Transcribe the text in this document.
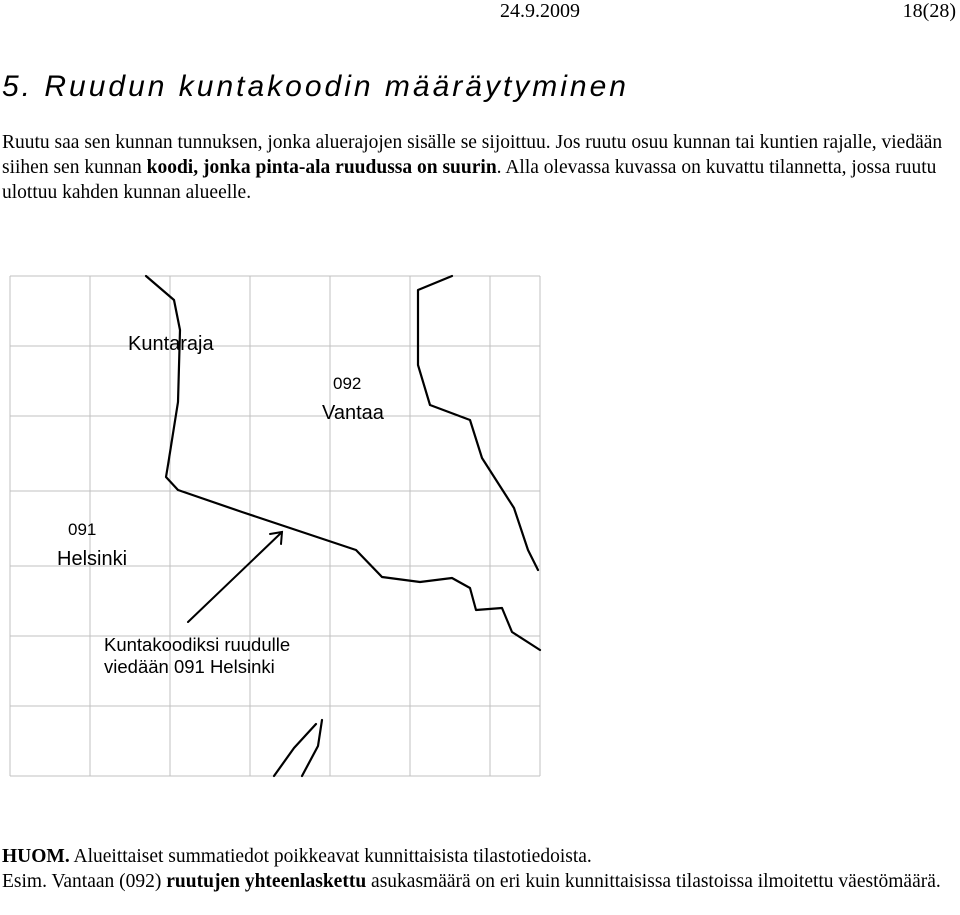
24.9.2009	18(28)
5. Ruudun kuntakoodin määräytyminen
Ruutu saa sen kunnan tunnuksen, jonka aluerajojen sisälle se sijoittuu. Jos ruutu osuu kunnan tai kuntien rajalle, viedään siihen sen kunnan koodi, jonka pinta-ala ruudussa on suurin. Alla olevassa kuvassa on kuvattu tilannetta, jossa ruutu ulottuu kahden kunnan alueelle.
Kuntaraja
092
Vantaa
091
Helsinki
Kuntakoodiksi ruudulle
viedään 091 Helsinki
HUOM. Alueittaiset summatiedot poikkeavat kunnittaisista tilastotiedoista.
Esim. Vantaan (092) ruutujen yhteenlaskettu asukasmäärä on eri kuin kunnittaisissa tilastoissa ilmoitettu väestömäärä.
